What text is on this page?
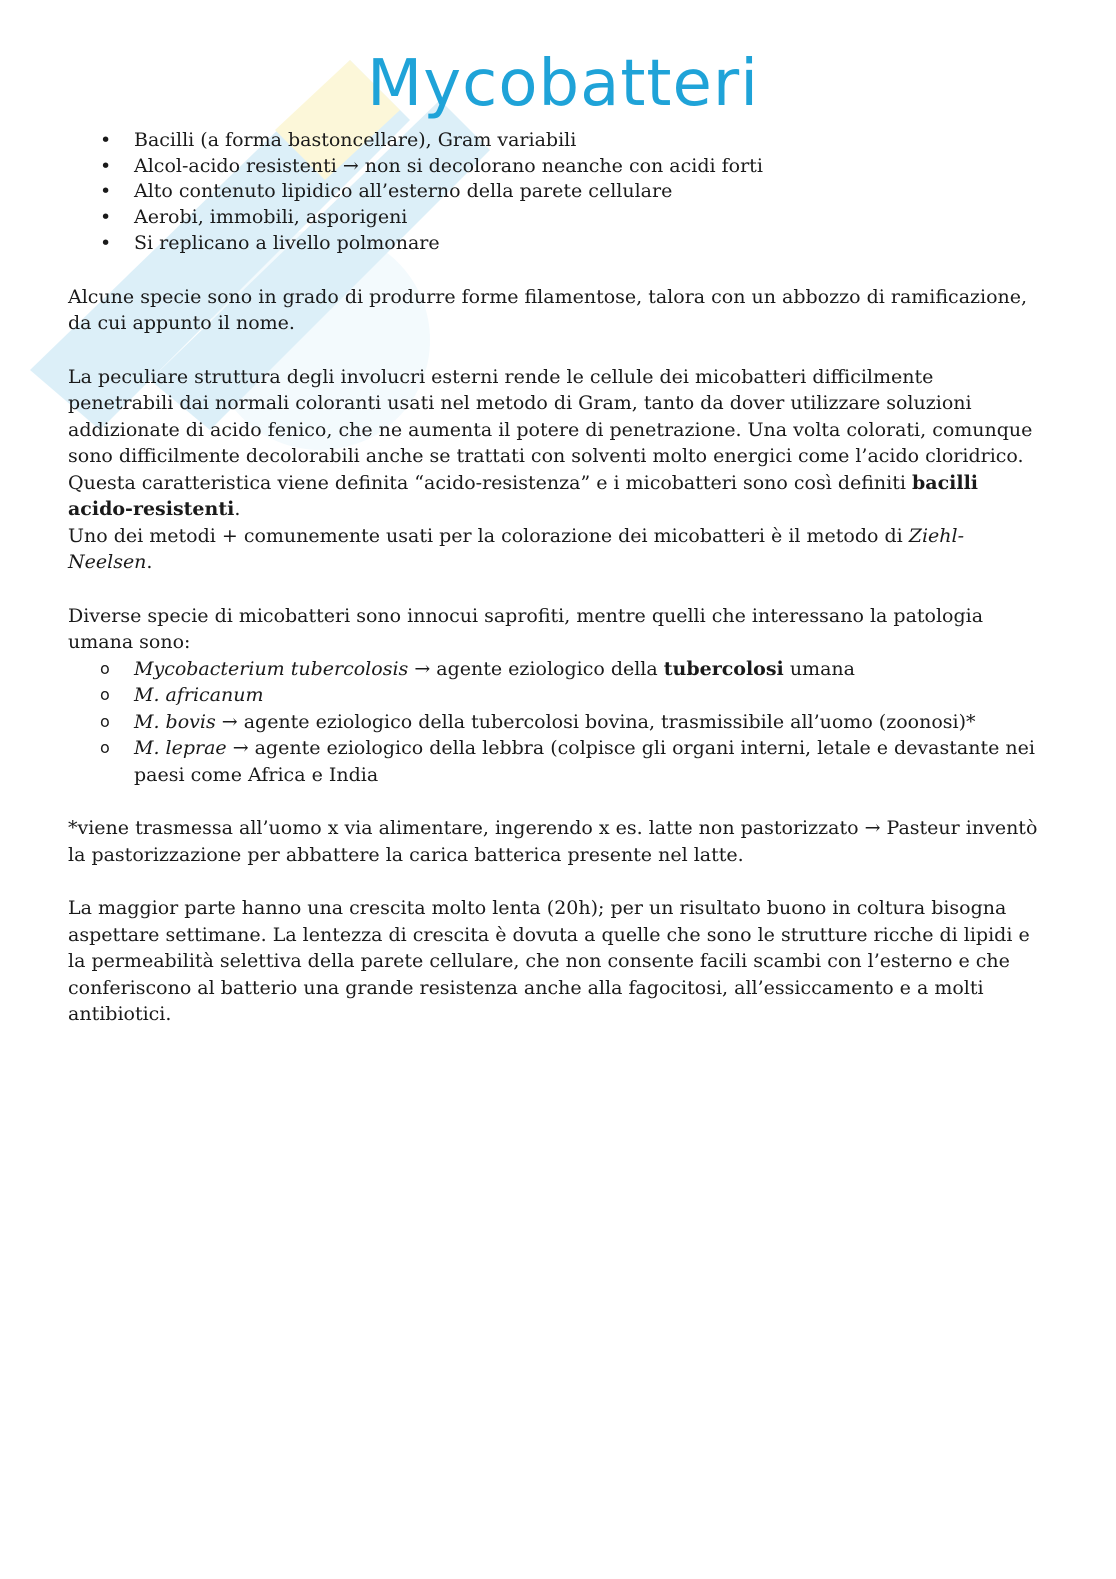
Mycobatteri
• Bacilli (a forma bastoncellare), Gram variabili
• Alcol-acido resistenti → non si decolorano neanche con acidi forti
• Alto contenuto lipidico all’esterno della parete cellulare
• Aerobi, immobili, asporigeni
• Si replicano a livello polmonare

Alcune specie sono in grado di produrre forme filamentose, talora con un abbozzo di ramificazione, da cui appunto il nome.

La peculiare struttura degli involucri esterni rende le cellule dei micobatteri difficilmente penetrabili dai normali coloranti usati nel metodo di Gram, tanto da dover utilizzare soluzioni addizionate di acido fenico, che ne aumenta il potere di penetrazione. Una volta colorati, comunque sono difficilmente decolorabili anche se trattati con solventi molto energici come l’acido cloridrico. Questa caratteristica viene definita “acido-resistenza” e i micobatteri sono così definiti bacilli acido-resistenti.

Uno dei metodi + comunemente usati per la colorazione dei micobatteri è il metodo di Ziehl-Neelsen.

Diverse specie di micobatteri sono innocui saprofiti, mentre quelli che interessano la patologia umana sono:

o Mycobacterium tubercolosis → agente eziologico della tubercolosi umana
o M. africanum
o M. bovis → agente eziologico della tubercolosi bovina, trasmissibile all’uomo (zoonosi)*
o M. leprae → agente eziologico della lebbra (colpisce gli organi interni, letale e devastante nei paesi come Africa e India

*viene trasmessa all’uomo x via alimentare, ingerendo x es. latte non pastorizzato → Pasteur inventò la pastorizzazione per abbattere la carica batterica presente nel latte.

La maggior parte hanno una crescita molto lenta (20h); per un risultato buono in coltura bisogna aspettare settimane. La lentezza di crescita è dovuta a quelle che sono le strutture ricche di lipidi e la permeabilità selettiva della parete cellulare, che non consente facili scambi con l’esterno e che conferiscono al batterio una grande resistenza anche alla fagocitosi, all’essiccamento e a molti antibiotici.
